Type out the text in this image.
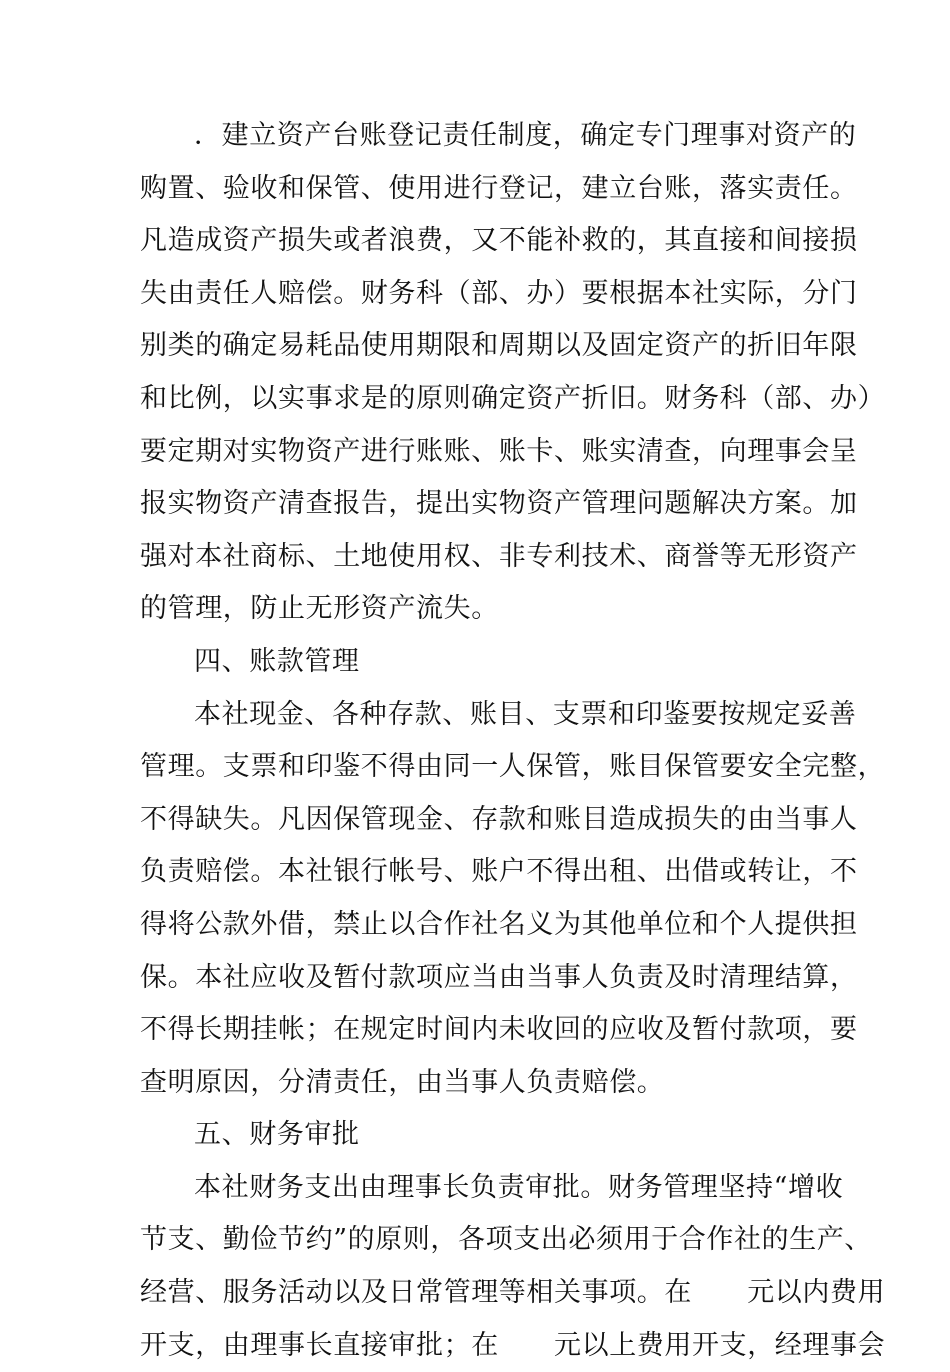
．建立资产台账登记责任制度，确定专门理事对资产的
购置、验收和保管、使用进行登记，建立台账，落实责任。
凡造成资产损失或者浪费，又不能补救的，其直接和间接损
失由责任人赔偿。财务科（部、办）要根据本社实际，分门
别类的确定易耗品使用期限和周期以及固定资产的折旧年限
和比例，以实事求是的原则确定资产折旧。财务科（部、办）
要定期对实物资产进行账账、账卡、账实清查，向理事会呈
报实物资产清查报告，提出实物资产管理问题解决方案。加
强对本社商标、土地使用权、非专利技术、商誉等无形资产
的管理，防止无形资产流失。
四、账款管理
本社现金、各种存款、账目、支票和印鉴要按规定妥善
管理。支票和印鉴不得由同一人保管，账目保管要安全完整，
不得缺失。凡因保管现金、存款和账目造成损失的由当事人
负责赔偿。本社银行帐号、账户不得出租、出借或转让，不
得将公款外借，禁止以合作社名义为其他单位和个人提供担
保。本社应收及暂付款项应当由当事人负责及时清理结算，
不得长期挂帐；在规定时间内未收回的应收及暂付款项，要
查明原因，分清责任，由当事人负责赔偿。
五、财务审批
本社财务支出由理事长负责审批。财务管理坚持“增收
节支、勤俭节约”的原则，各项支出必须用于合作社的生产、
经营、服务活动以及日常管理等相关事项。在　　元以内费用
开支，由理事长直接审批；在　　元以上费用开支，经理事会
